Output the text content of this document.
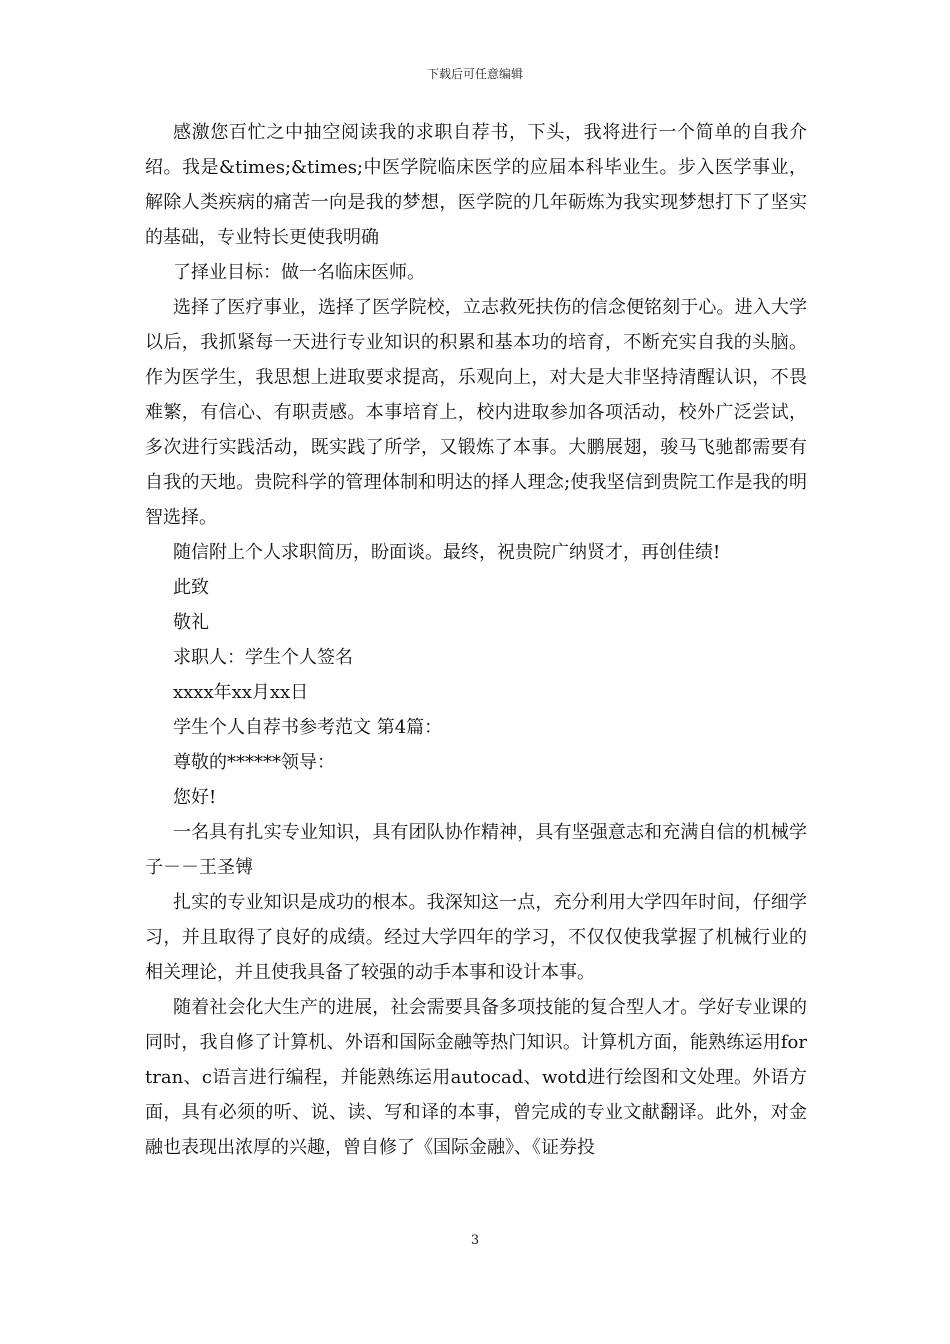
下载后可任意编辑

感激您百忙之中抽空阅读我的求职自荐书，下头，我将进行一个简单的自我介绍。我是&times;&times;中医学院临床医学的应届本科毕业生。步入医学事业，解除人类疾病的痛苦一向是我的梦想，医学院的几年砺炼为我实现梦想打下了坚实的基础，专业特长更使我明确

了择业目标：做一名临床医师。

选择了医疗事业，选择了医学院校，立志救死扶伤的信念便铭刻于心。进入大学以后，我抓紧每一天进行专业知识的积累和基本功的培育，不断充实自我的头脑。作为医学生，我思想上进取要求提高，乐观向上，对大是大非坚持清醒认识，不畏难繁，有信心、有职责感。本事培育上，校内进取参加各项活动，校外广泛尝试，多次进行实践活动，既实践了所学，又锻炼了本事。大鹏展翅，骏马飞驰都需要有自我的天地。贵院科学的管理体制和明达的择人理念;使我坚信到贵院工作是我的明智选择。

随信附上个人求职简历，盼面谈。最终，祝贵院广纳贤才，再创佳绩!

此致

敬礼

求职人：学生个人签名

xxxx年xx月xx日

学生个人自荐书参考范文 第4篇：

尊敬的******领导：

您好!

一名具有扎实专业知识，具有团队协作精神，具有坚强意志和充满自信的机械学子－－王圣镈

扎实的专业知识是成功的根本。我深知这一点，充分利用大学四年时间，仔细学习，并且取得了良好的成绩。经过大学四年的学习，不仅仅使我掌握了机械行业的相关理论，并且使我具备了较强的动手本事和设计本事。

随着社会化大生产的进展，社会需要具备多项技能的复合型人才。学好专业课的同时，我自修了计算机、外语和国际金融等热门知识。计算机方面，能熟练运用fortran、c语言进行编程，并能熟练运用autocad、wotd进行绘图和文处理。外语方面，具有必须的听、说、读、写和译的本事，曾完成的专业文献翻译。此外，对金融也表现出浓厚的兴趣，曾自修了《国际金融》、《证券投

3
